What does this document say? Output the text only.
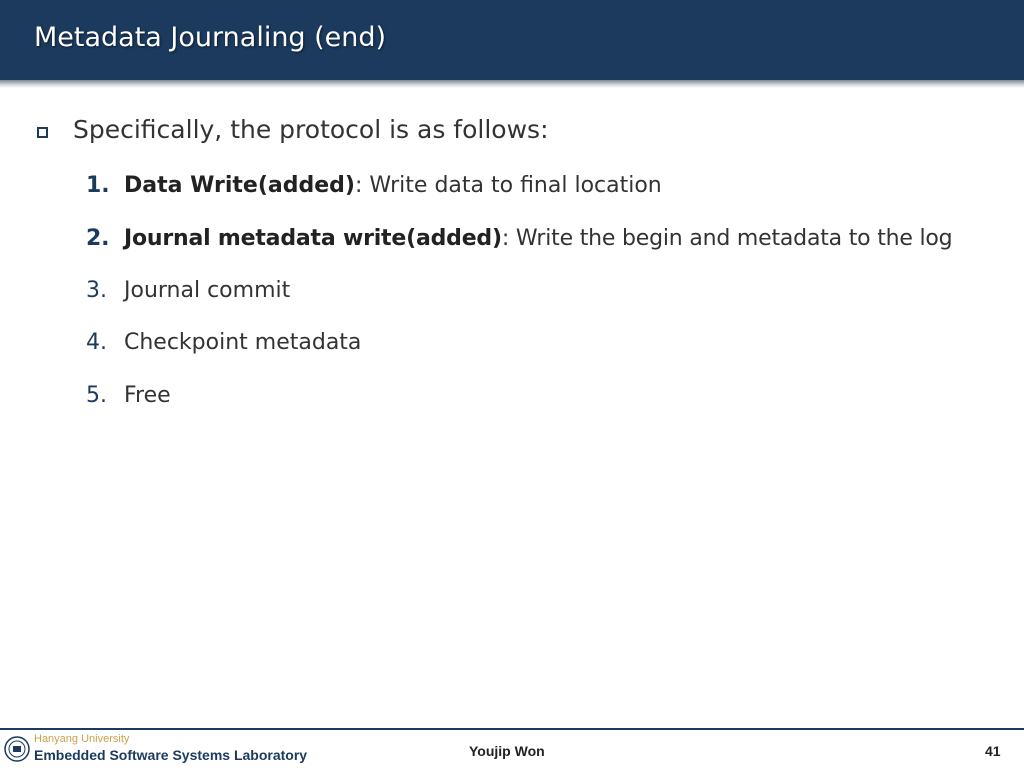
Metadata Journaling (end)

Specifically, the protocol is as follows:

1. Data Write(added): Write data to final location
2. Journal metadata write(added): Write the begin and metadata to the log
3. Journal commit
4. Checkpoint metadata
5. Free
Hanyang University
Embedded Software Systems Laboratory	Youjip Won	41
